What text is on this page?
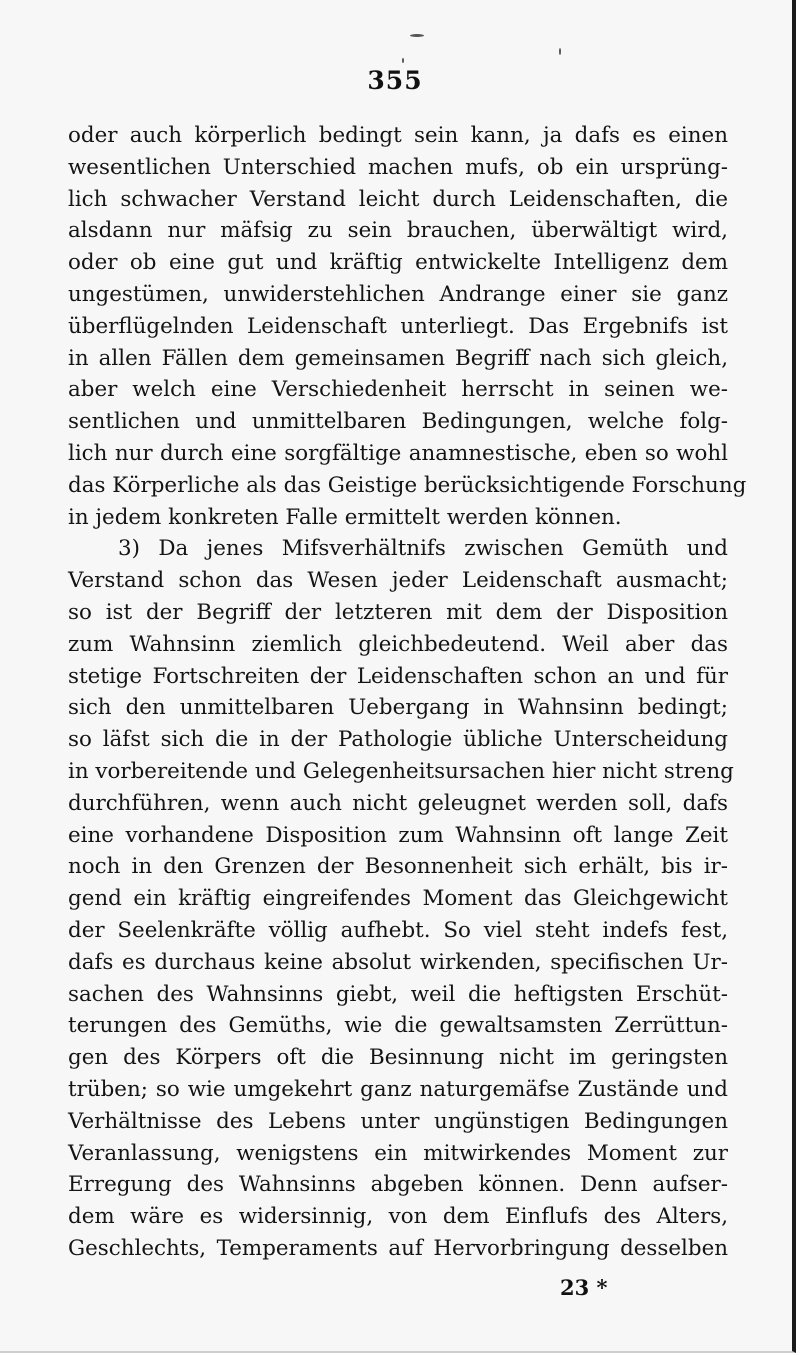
355
oder auch körperlich bedingt sein kann, ja dafs es einen
wesentlichen Unterschied machen mufs, ob ein ursprüng-
lich schwacher Verstand leicht durch Leidenschaften, die
alsdann nur mäfsig zu sein brauchen, überwältigt wird,
oder ob eine gut und kräftig entwickelte Intelligenz dem
ungestümen, unwiderstehlichen Andrange einer sie ganz
überflügelnden Leidenschaft unterliegt. Das Ergebnifs ist
in allen Fällen dem gemeinsamen Begriff nach sich gleich,
aber welch eine Verschiedenheit herrscht in seinen we-
sentlichen und unmittelbaren Bedingungen, welche folg-
lich nur durch eine sorgfältige anamnestische, eben so wohl
das Körperliche als das Geistige berücksichtigende Forschung
in jedem konkreten Falle ermittelt werden können.
3) Da jenes Mifsverhältnifs zwischen Gemüth und
Verstand schon das Wesen jeder Leidenschaft ausmacht;
so ist der Begriff der letzteren mit dem der Disposition
zum Wahnsinn ziemlich gleichbedeutend. Weil aber das
stetige Fortschreiten der Leidenschaften schon an und für
sich den unmittelbaren Uebergang in Wahnsinn bedingt;
so läfst sich die in der Pathologie übliche Unterscheidung
in vorbereitende und Gelegenheitsursachen hier nicht streng
durchführen, wenn auch nicht geleugnet werden soll, dafs
eine vorhandene Disposition zum Wahnsinn oft lange Zeit
noch in den Grenzen der Besonnenheit sich erhält, bis ir-
gend ein kräftig eingreifendes Moment das Gleichgewicht
der Seelenkräfte völlig aufhebt. So viel steht indefs fest,
dafs es durchaus keine absolut wirkenden, specifischen Ur-
sachen des Wahnsinns giebt, weil die heftigsten Erschüt-
terungen des Gemüths, wie die gewaltsamsten Zerrüttun-
gen des Körpers oft die Besinnung nicht im geringsten
trüben; so wie umgekehrt ganz naturgemäfse Zustände und
Verhältnisse des Lebens unter ungünstigen Bedingungen
Veranlassung, wenigstens ein mitwirkendes Moment zur
Erregung des Wahnsinns abgeben können. Denn aufser-
dem wäre es widersinnig, von dem Einflufs des Alters,
Geschlechts, Temperaments auf Hervorbringung desselben
23 *
